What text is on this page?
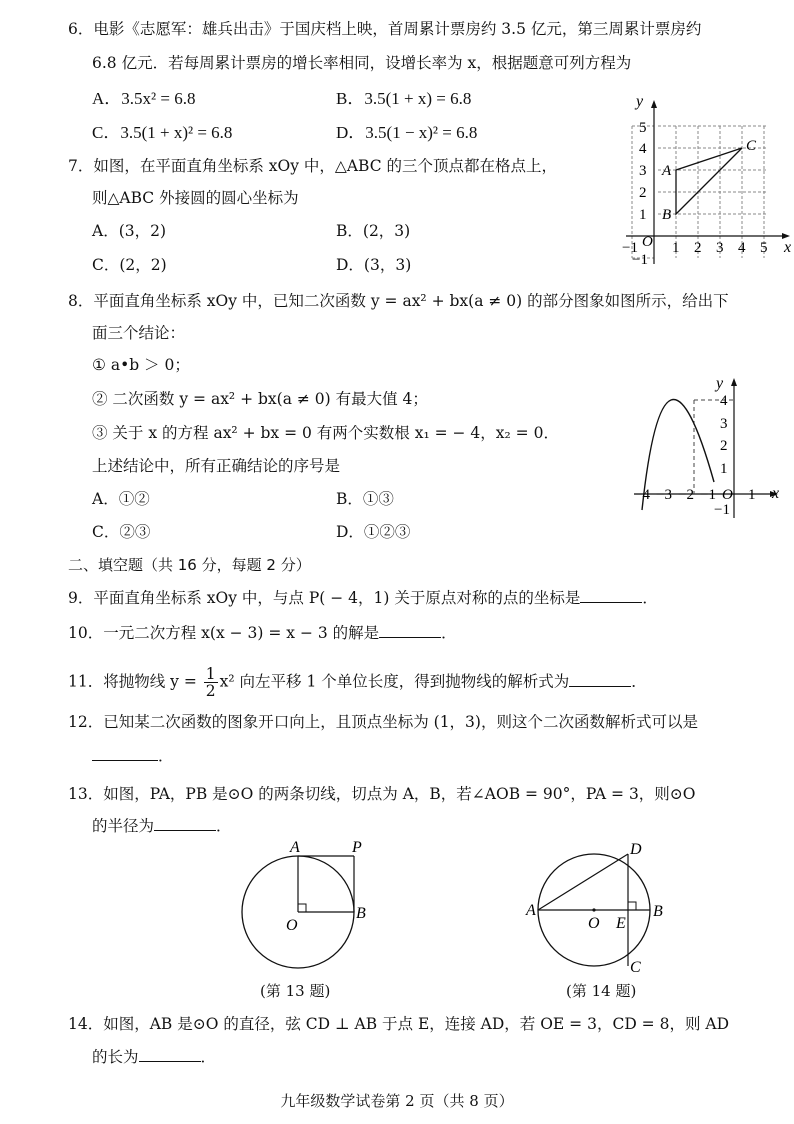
6．电影《志愿军：雄兵出击》于国庆档上映，首周累计票房约 3.5 亿元，第三周累计票房约
6.8 亿元．若每周累计票房的增长率相同，设增长率为 x，根据题意可列方程为
A．3.5x² = 6.8	B．3.5(1 + x) = 6.8
C．3.5(1 + x)² = 6.8	D．3.5(1 − x)² = 6.8
7．如图，在平面直角坐标系 xOy 中，△ABC 的三个顶点都在格点上，
则△ABC 外接圆的圆心坐标为
A．(3，2)	B．(2，3)
C．(2，2)	D．(3，3)
y
x
5
4
3
2
1
−1
−1 O 1 2 3 4 5
A
B
C
8．平面直角坐标系 xOy 中，已知二次函数 y = ax² + bx(a ≠ 0) 的部分图象如图所示，给出下
面三个结论：
① a•b ＞ 0；
② 二次函数 y = ax² + bx(a ≠ 0) 有最大值 4；
③ 关于 x 的方程 ax² + bx = 0 有两个实数根 x₁ = − 4，x₂ = 0．
上述结论中，所有正确结论的序号是
A．①②	B．①③
C．②③	D．①②③
y
x
4
3
2
1
−1
−4 −3 −2 −1 O 1
二、填空题（共 16 分，每题 2 分）
9．平面直角坐标系 xOy 中，与点 P( − 4，1) 关于原点对称的点的坐标是	．
10．一元二次方程 x(x − 3) = x − 3 的解是	．
11．将抛物线 $y = \frac{1}{2} x^2$ 向左平移 1 个单位长度，得到抛物线的解析式为	．
12．已知某二次函数的图象开口向上，且顶点坐标为 (1，3)，则这个二次函数解析式可以是
．
13．如图，PA，PB 是⊙O 的两条切线，切点为 A，B，若∠AOB = 90°，PA = 3，则⊙O
的半径为	．
A	P
O
B
(第 13 题)
A	B
C
D
E
O
(第 14 题)
14．如图，AB 是⊙O 的直径，弦 CD ⊥ AB 于点 E，连接 AD，若 OE = 3，CD = 8，则 AD
的长为	．
九年级数学试卷第 2 页（共 8 页）
